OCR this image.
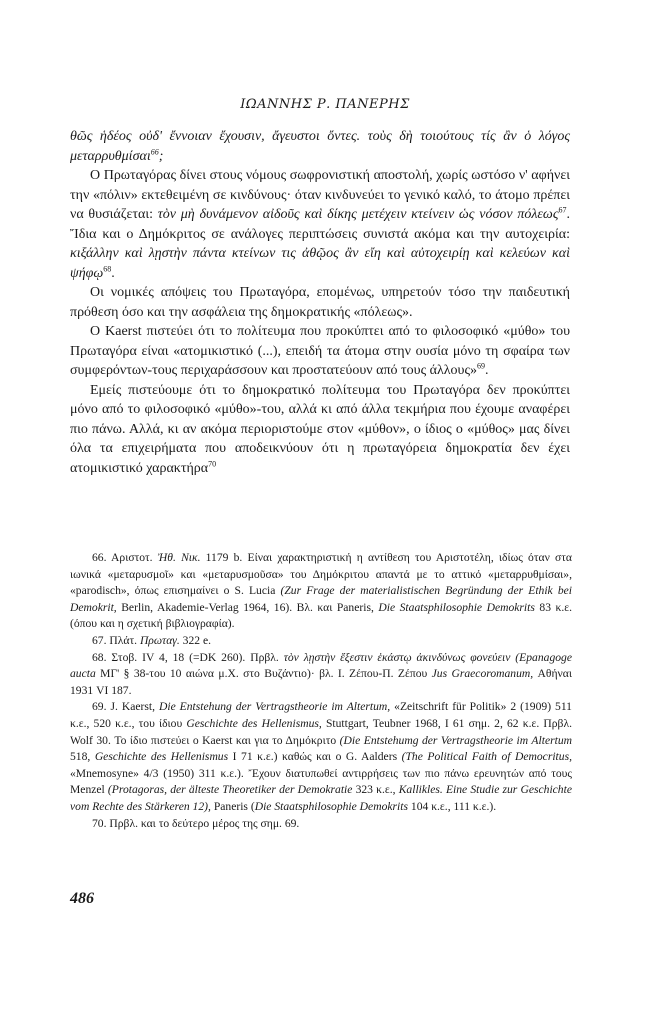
ΙΩΑΝΝΗΣ Ρ. ΠΑΝΕΡΗΣ

θῶς ἡδέος οὐδ' ἔννοιαν ἔχουσιν, ἄγευστοι ὄντες. τοὺς δὴ τοιούτους τίς ἂν ὁ λόγος μεταρρυθμίσαι$^{66}$;

Ο Πρωταγόρας δίνει στους νόμους σωφρονιστική αποστολή, χωρίς ωστόσο ν' αφήνει την «πόλιν» εκτεθειμένη σε κινδύνους· όταν κινδυνεύει το γενικό καλό, το άτομο πρέπει να θυσιάζεται: τὸν μὴ δυνάμενον αἰδοῦς καὶ δίκης μετέχειν κτείνειν ὡς νόσον πόλεως$^{67}$. Ἴδια και ο Δημόκριτος σε ανάλογες περιπτώσεις συνιστά ακόμα και την αυτοχειρία: κιξάλλην καὶ λῃστὴν πάντα κτείνων τις ἀθῷος ἂν εἴη καὶ αὐτοχειρίῃ καὶ κελεύων καὶ ψήφῳ$^{68}$.

Οι νομικές απόψεις του Πρωταγόρα, επομένως, υπηρετούν τόσο την παιδευτική πρόθεση όσο και την ασφάλεια της δημοκρατικής «πόλεως».

Ο Kaerst πιστεύει ότι το πολίτευμα που προκύπτει από το φιλοσοφικό «μύθο» του Πρωταγόρα είναι «ατομικιστικό (...), επειδή τα άτομα στην ουσία μόνο τη σφαίρα των συμφερόντων-τους περιχαράσσουν και προστατεύουν από τους άλλους»$^{69}$.

Εμείς πιστεύουμε ότι το δημοκρατικό πολίτευμα του Πρωταγόρα δεν προκύπτει μόνο από το φιλοσοφικό «μύθο»-του, αλλά κι από άλλα τεκμήρια που έχουμε αναφέρει πιο πάνω. Αλλά, κι αν ακόμα περιοριστούμε στον «μύθον», ο ίδιος ο «μύθος» μας δίνει όλα τα επιχειρήματα που αποδεικνύουν ότι η πρωταγόρεια δημοκρατία δεν έχει ατομικιστικό χαρακτήρα$^{70}$

66. Αριστοτ. Ἠθ. Νικ. 1179 b. Είναι χαρακτηριστική η αντίθεση του Αριστοτέλη, ιδίως όταν στα ιωνικά «μεταρυσμοῖ» και «μεταρυσμοῦσα» του Δημόκριτου απαντά με το αττικό «μεταρρυθμίσαι», «parodisch», όπως επισημαίνει ο S. Lucia (Zur Frage der materialistischen Begründung der Ethik bei Demokrit, Berlin, Akademie-Verlag 1964, 16). Βλ. και Paneris, Die Staatsphilosophie Demokrits 83 κ.ε. (όπου και η σχετική βιβλιογραφία).

67. Πλάτ. Πρωταγ. 322 e.

68. Στοβ. IV 4, 18 (=DK 260). Πρβλ. τὸν λῃστὴν ἔξεστιν ἑκάστῳ ἀκινδύνως φονεύειν (Epanagoge aucta ΜΓ' § 38-του 10 αιώνα μ.Χ. στο Βυζάντιο)· βλ. Ι. Ζέπου-Π. Ζέπου Jus Graecoromanum, Αθήναι 1931 VI 187.

69. J. Kaerst, Die Entstehung der Vertragstheorie im Altertum, «Zeitschrift für Politik» 2 (1909) 511 κ.ε., 520 κ.ε., του ίδιου Geschichte des Hellenismus, Stuttgart, Teubner 1968, I 61 σημ. 2, 62 κ.ε. Πρβλ. Wolf 30. Το ίδιο πιστεύει ο Kaerst και για το Δημόκριτο (Die Entstehumg der Vertragstheorie im Altertum 518, Geschichte des Hellenismus I 71 κ.ε.) καθώς και ο G. Aalders (The Political Faith of Democritus, «Mnemosyne» 4/3 (1950) 311 κ.ε.). Ἔχουν διατυπωθεί αντιρρήσεις των πιο πάνω ερευνητών από τους Menzel (Protagoras, der älteste Theoretiker der Demokratie 323 κ.ε., Kallikles. Eine Studie zur Geschichte vom Rechte des Stärkeren 12), Paneris (Die Staatsphilosophie Demokrits 104 κ.ε., 111 κ.ε.).

70. Πρβλ. και το δεύτερο μέρος της σημ. 69.

486
